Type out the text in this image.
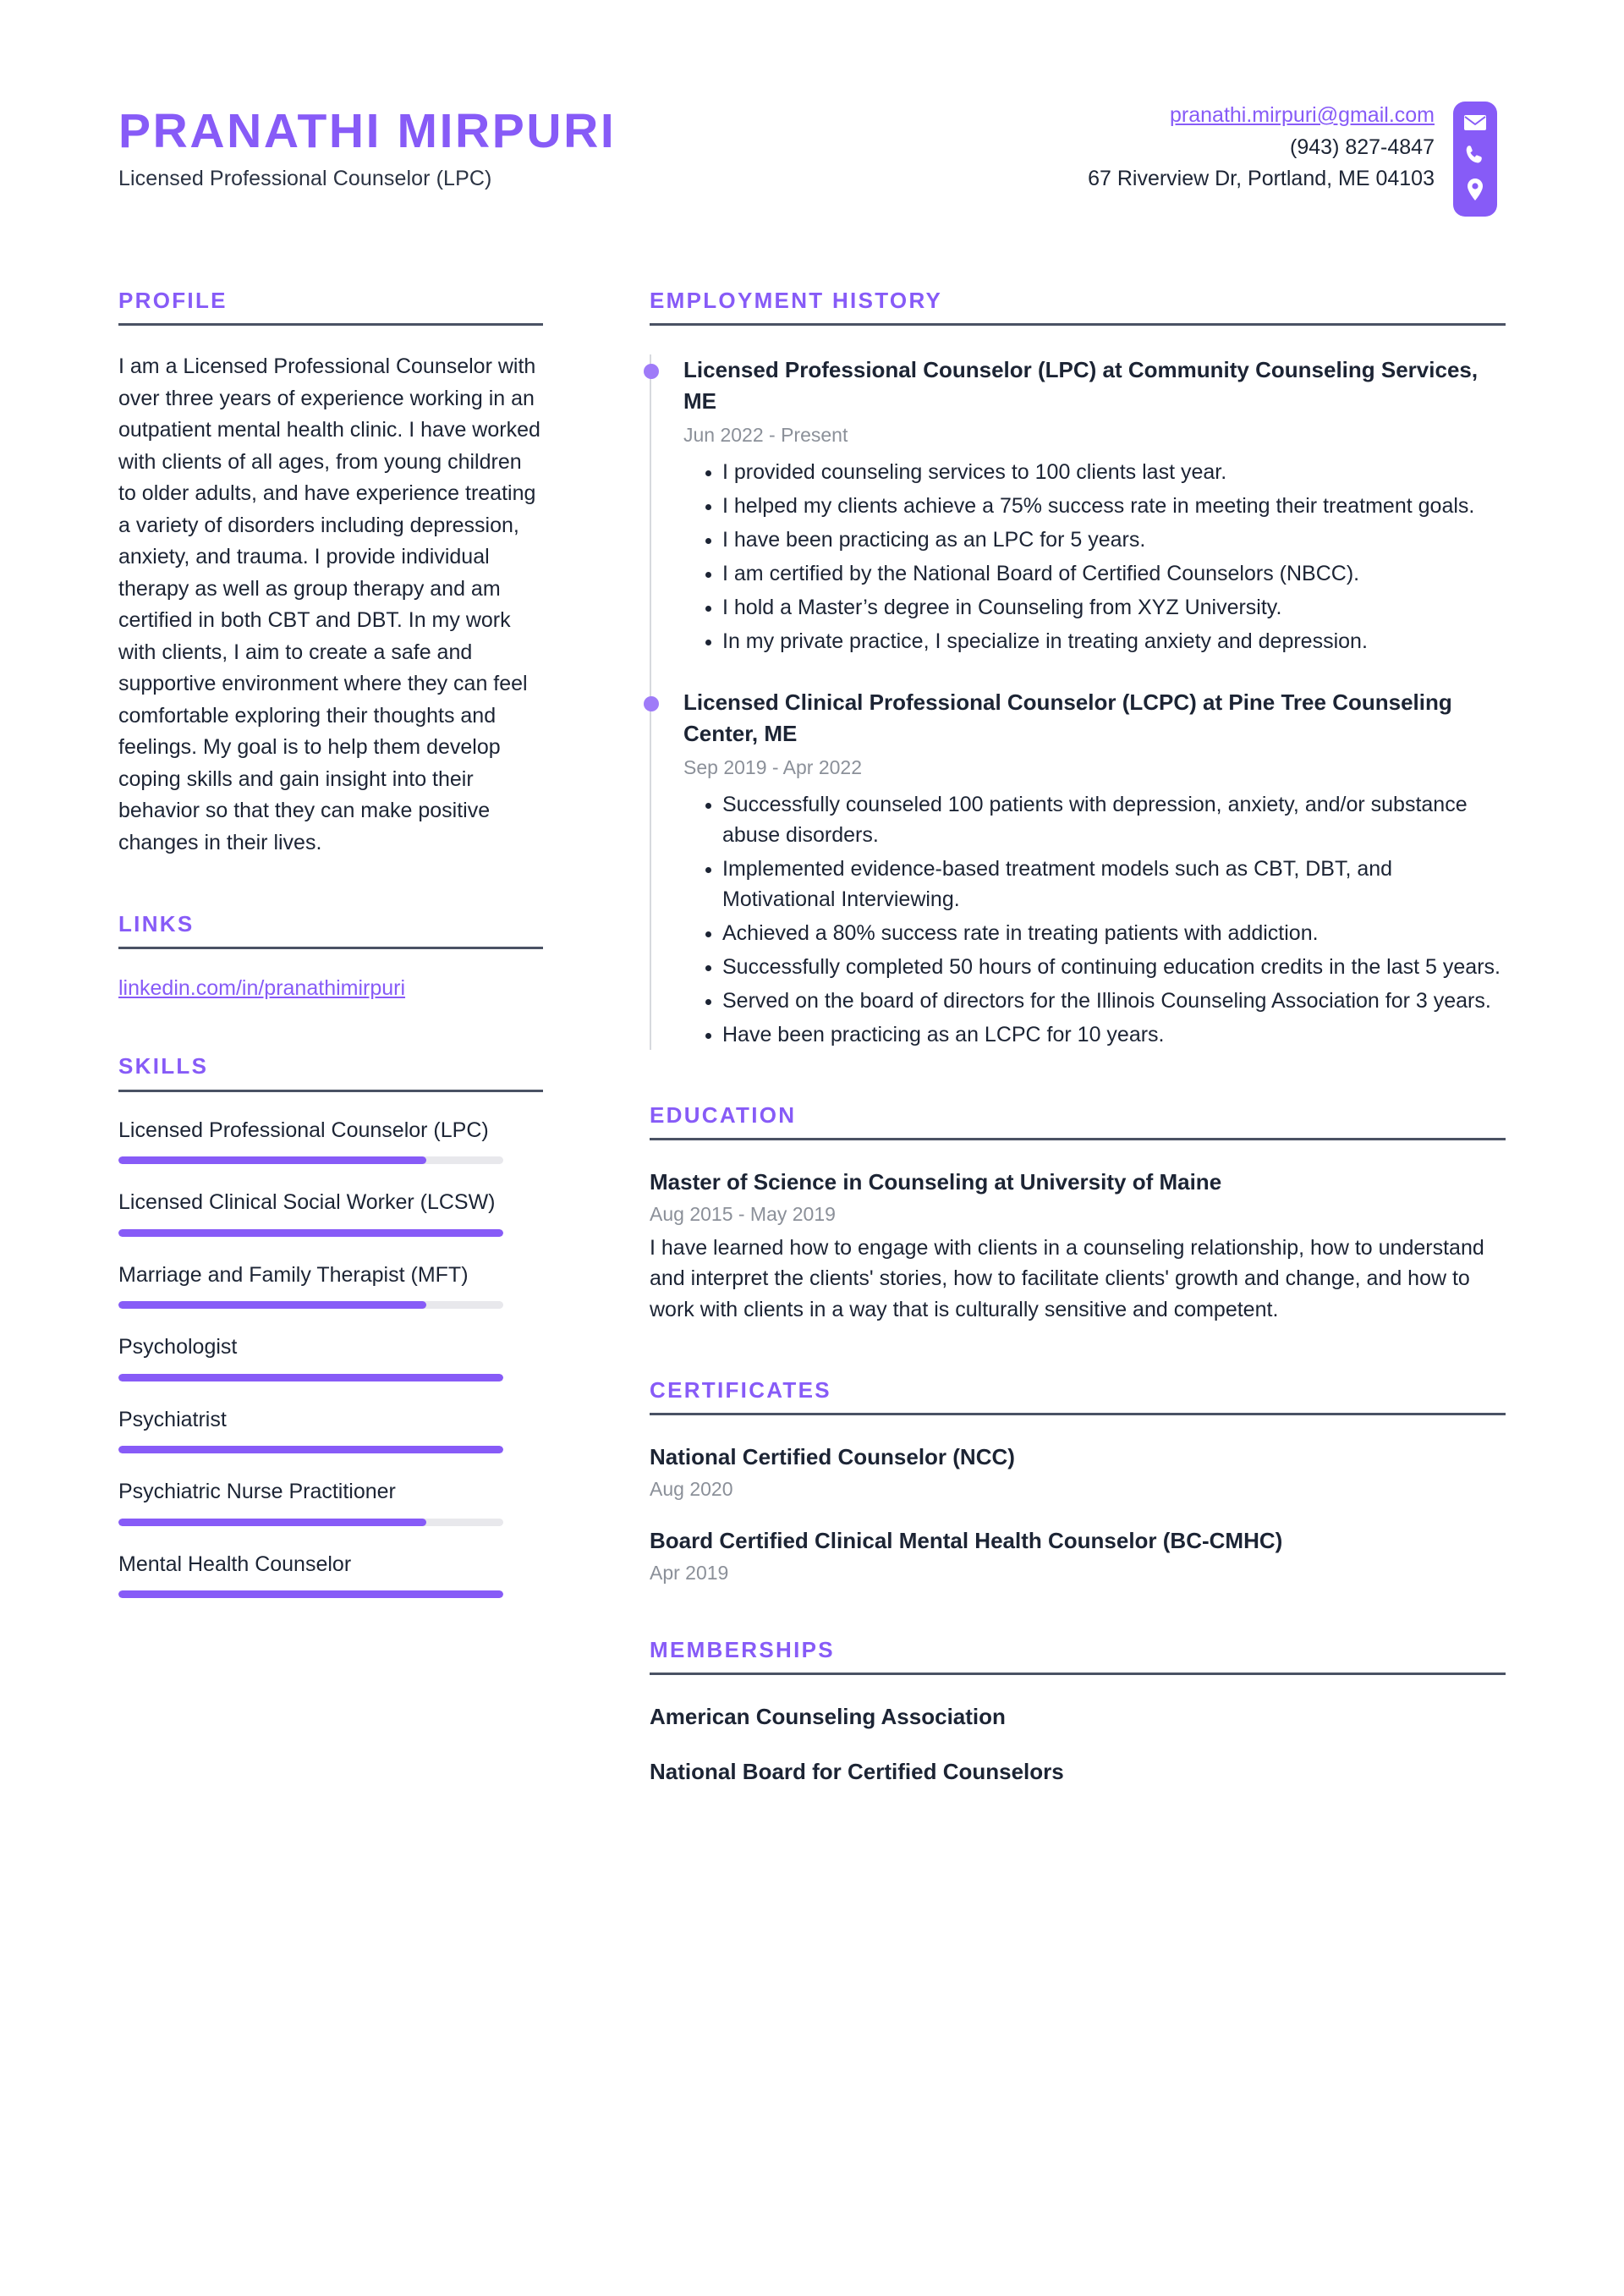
PRANATHI MIRPURI
Licensed Professional Counselor (LPC)
pranathi.mirpuri@gmail.com
(943) 827-4847
67 Riverview Dr, Portland, ME 04103
PROFILE

I am a Licensed Professional Counselor with over three years of experience working in an outpatient mental health clinic. I have worked with clients of all ages, from young children to older adults, and have experience treating a variety of disorders including depression, anxiety, and trauma. I provide individual therapy as well as group therapy and am certified in both CBT and DBT. In my work with clients, I aim to create a safe and supportive environment where they can feel comfortable exploring their thoughts and feelings. My goal is to help them develop coping skills and gain insight into their behavior so that they can make positive changes in their lives.

LINKS
linkedin.com/in/pranathimirpuri
SKILLS
Licensed Professional Counselor (LPC)
Licensed Clinical Social Worker (LCSW)
Marriage and Family Therapist (MFT)
Psychologist
Psychiatrist
Psychiatric Nurse Practitioner
Mental Health Counselor
EMPLOYMENT HISTORY
Licensed Professional Counselor (LPC) at Community Counseling Services, ME
Jun 2022 - Present
• I provided counseling services to 100 clients last year.
• I helped my clients achieve a 75% success rate in meeting their treatment goals.
• I have been practicing as an LPC for 5 years.
• I am certified by the National Board of Certified Counselors (NBCC).
• I hold a Master’s degree in Counseling from XYZ University.
• In my private practice, I specialize in treating anxiety and depression.
Licensed Clinical Professional Counselor (LCPC) at Pine Tree Counseling Center, ME
Sep 2019 - Apr 2022
• Successfully counseled 100 patients with depression, anxiety, and/or substance abuse disorders.
• Implemented evidence-based treatment models such as CBT, DBT, and Motivational Interviewing.
• Achieved a 80% success rate in treating patients with addiction.
• Successfully completed 50 hours of continuing education credits in the last 5 years.
• Served on the board of directors for the Illinois Counseling Association for 3 years.
• Have been practicing as an LCPC for 10 years.
EDUCATION
Master of Science in Counseling at University of Maine
Aug 2015 - May 2019
I have learned how to engage with clients in a counseling relationship, how to understand and interpret the clients' stories, how to facilitate clients' growth and change, and how to work with clients in a way that is culturally sensitive and competent.
CERTIFICATES
National Certified Counselor (NCC)
Aug 2020
Board Certified Clinical Mental Health Counselor (BC-CMHC)
Apr 2019
MEMBERSHIPS
American Counseling Association
National Board for Certified Counselors
